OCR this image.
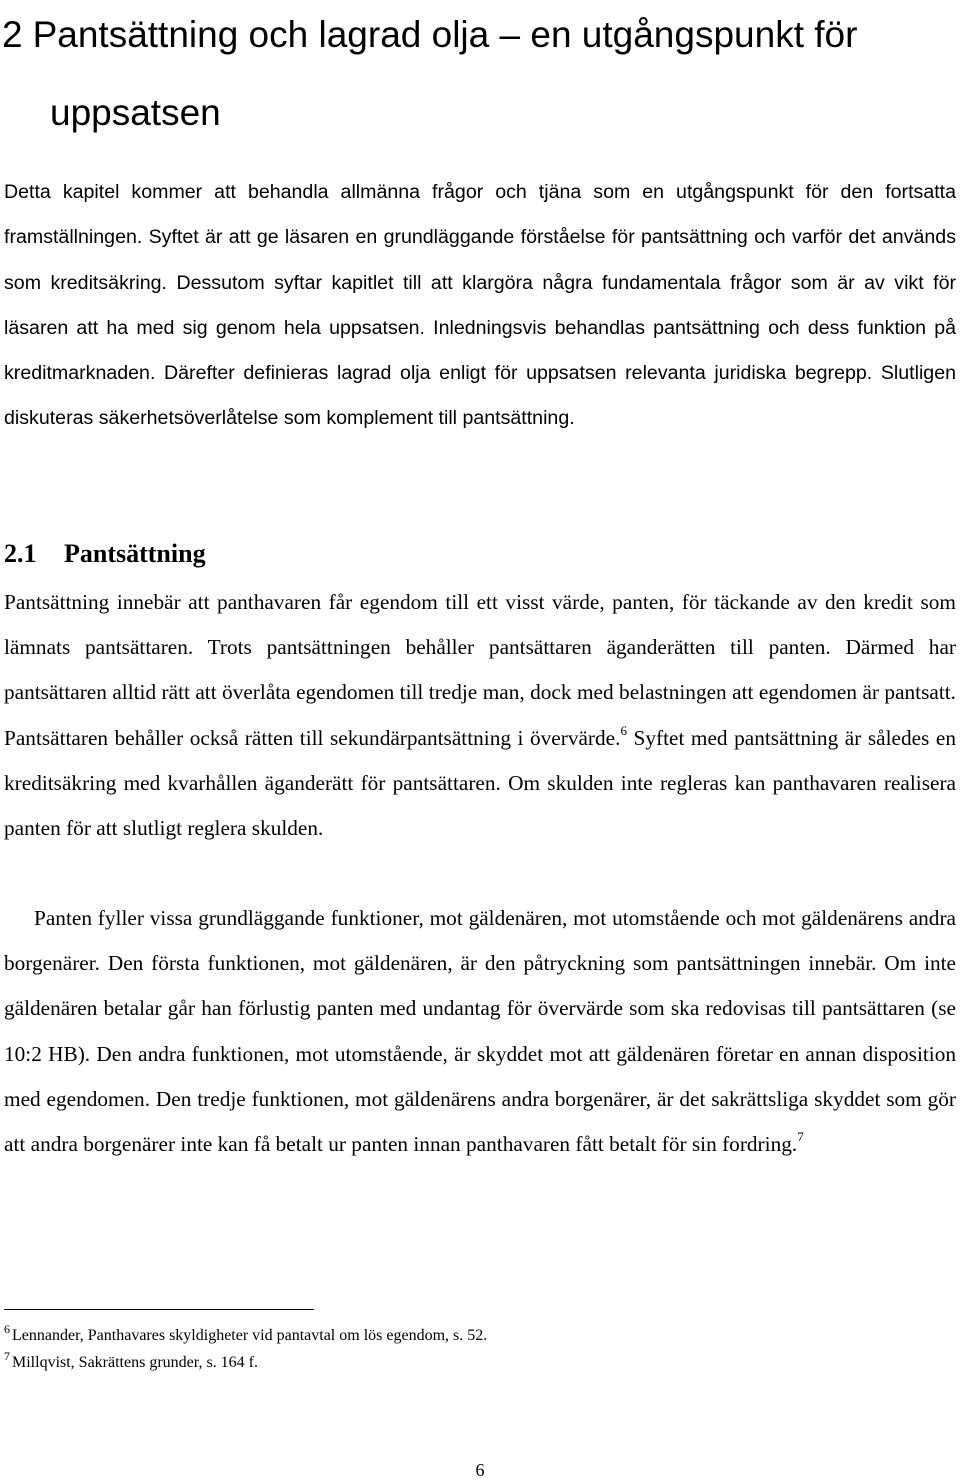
2 Pantsättning och lagrad olja – en utgångspunkt för
uppsatsen

Detta kapitel kommer att behandla allmänna frågor och tjäna som en utgångspunkt för den fortsatta framställningen. Syftet är att ge läsaren en grundläggande förståelse för pantsättning och varför det används som kreditsäkring. Dessutom syftar kapitlet till att klargöra några fundamentala frågor som är av vikt för läsaren att ha med sig genom hela uppsatsen. Inledningsvis behandlas pantsättning och dess funktion på kreditmarknaden. Därefter definieras lagrad olja enligt för uppsatsen relevanta juridiska begrepp. Slutligen diskuteras säkerhetsöverlåtelse som komplement till pantsättning.

2.1 Pantsättning

Pantsättning innebär att panthavaren får egendom till ett visst värde, panten, för täckande av den kredit som lämnats pantsättaren. Trots pantsättningen behåller pantsättaren äganderätten till panten. Därmed har pantsättaren alltid rätt att överlåta egendomen till tredje man, dock med belastningen att egendomen är pantsatt. Pantsättaren behåller också rätten till sekundärpantsättning i övervärde.$^6$ Syftet med pantsättning är således en kreditsäkring med kvarhållen äganderätt för pantsättaren. Om skulden inte regleras kan panthavaren realisera panten för att slutligt reglera skulden.

Panten fyller vissa grundläggande funktioner, mot gäldenären, mot utomstående och mot gäldenärens andra borgenärer. Den första funktionen, mot gäldenären, är den påtryckning som pantsättningen innebär. Om inte gäldenären betalar går han förlustig panten med undantag för övervärde som ska redovisas till pantsättaren (se 10:2 HB). Den andra funktionen, mot utomstående, är skyddet mot att gäldenären företar en annan disposition med egendomen. Den tredje funktionen, mot gäldenärens andra borgenärer, är det sakrättsliga skyddet som gör att andra borgenärer inte kan få betalt ur panten innan panthavaren fått betalt för sin fordring.$^7$

$^6$ Lennander, Panthavares skyldigheter vid pantavtal om lös egendom, s. 52.
$^7$ Millqvist, Sakrättens grunder, s. 164 f.
6
